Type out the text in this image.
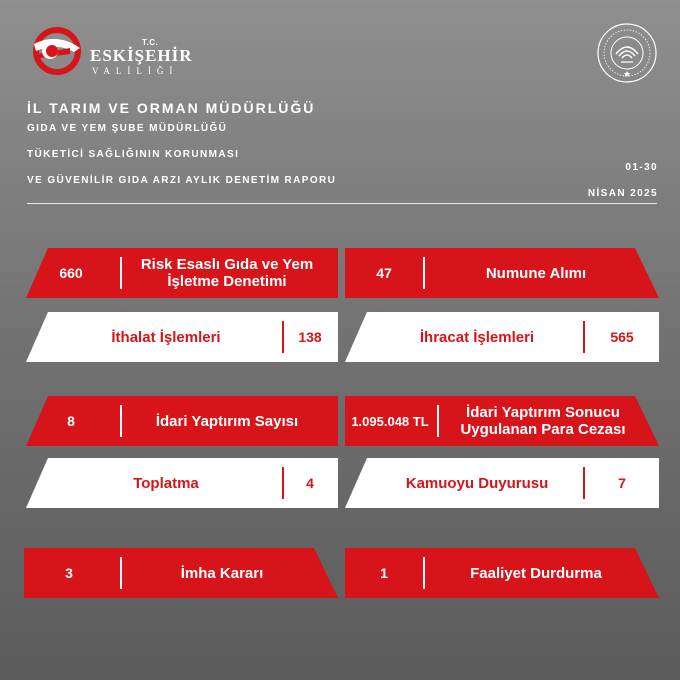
T.C.
ESKİŞEHİR
VALİLİĞİ
İL TARIM VE ORMAN MÜDÜRLÜĞÜ
GIDA VE YEM ŞUBE MÜDÜRLÜĞÜ
TÜKETİCİ SAĞLIĞININ KORUNMASI
VE GÜVENİLİR GIDA ARZI AYLIK DENETİM RAPORU
01-30
NİSAN 2025
660	Risk Esaslı Gıda ve Yem İşletme Denetimi
47	Numune Alımı
İthalat İşlemleri	138	İhracat İşlemleri	565
8	İdari Yaptırım Sayısı	1.095.048 TL	İdari Yaptırım Sonucu Uygulanan Para Cezası
Toplatma	4	Kamuoyu Duyurusu	7
3	İmha Kararı	1	Faaliyet Durdurma
